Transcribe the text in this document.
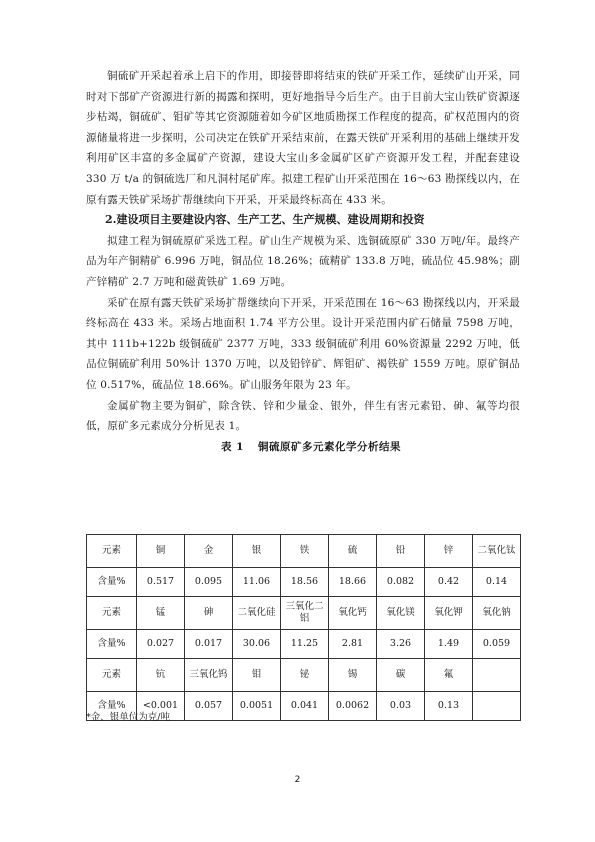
铜硫矿开采起着承上启下的作用，即接替即将结束的铁矿开采工作，延续矿山开采，同时对下部矿产资源进行新的揭露和探明，更好地指导今后生产。由于目前大宝山铁矿资源逐步枯竭，铜硫矿、钼矿等其它资源随着如今矿区地质勘探工作程度的提高，矿权范围内的资源储量将进一步探明，公司决定在铁矿开采结束前，在露天铁矿开采利用的基础上继续开发利用矿区丰富的多金属矿产资源，建设大宝山多金属矿区矿产资源开发工程，并配套建设 330 万 t/a 的铜硫选厂和凡洞村尾矿库。拟建工程矿山开采范围在 16～63 勘探线以内，在原有露天铁矿采场扩帮继续向下开采，开采最终标高在 433 米。

2.建设项目主要建设内容、生产工艺、生产规模、建设周期和投资

拟建工程为铜硫原矿采选工程。矿山生产规模为采、选铜硫原矿 330 万吨/年。最终产品为年产铜精矿 6.996 万吨，铜品位 18.26%；硫精矿 133.8 万吨，硫品位 45.98%；副产锌精矿 2.7 万吨和磁黄铁矿 1.69 万吨。

采矿在原有露天铁矿采场扩帮继续向下开采，开采范围在 16～63 勘探线以内，开采最终标高在 433 米。采场占地面积 1.74 平方公里。设计开采范围内矿石储量 7598 万吨，其中 111b+122b 级铜硫矿 2377 万吨，333 级铜硫矿利用 60%资源量 2292 万吨，低品位铜硫矿利用 50%计 1370 万吨，以及铅锌矿、辉钼矿、褐铁矿 1559 万吨。原矿铜品位 0.517%，硫品位 18.66%。矿山服务年限为 23 年。

金属矿物主要为铜矿，除含铁、锌和少量金、银外，伴生有害元素铅、砷、氟等均很低，原矿多元素成分分析见表 1。

表 1 铜硫原矿多元素化学分析结果
元素	铜	金	银	铁	硫	铅	锌	二氧化钛
含量%	0.517	0.095	11.06	18.56	18.66	0.082	0.42	0.14
元素	锰	砷	二氧化硅	三氧化二铝	氧化钙	氧化镁	氧化钾	氧化钠
含量%	0.027	0.017	30.06	11.25	2.81	3.26	1.49	0.059
元素	钪	三氧化钨	钼	铋	锡	碳	氟	
含量%	<0.001	0.057	0.0051	0.041	0.0062	0.03	0.13	
*金、银单位为克/吨
2
